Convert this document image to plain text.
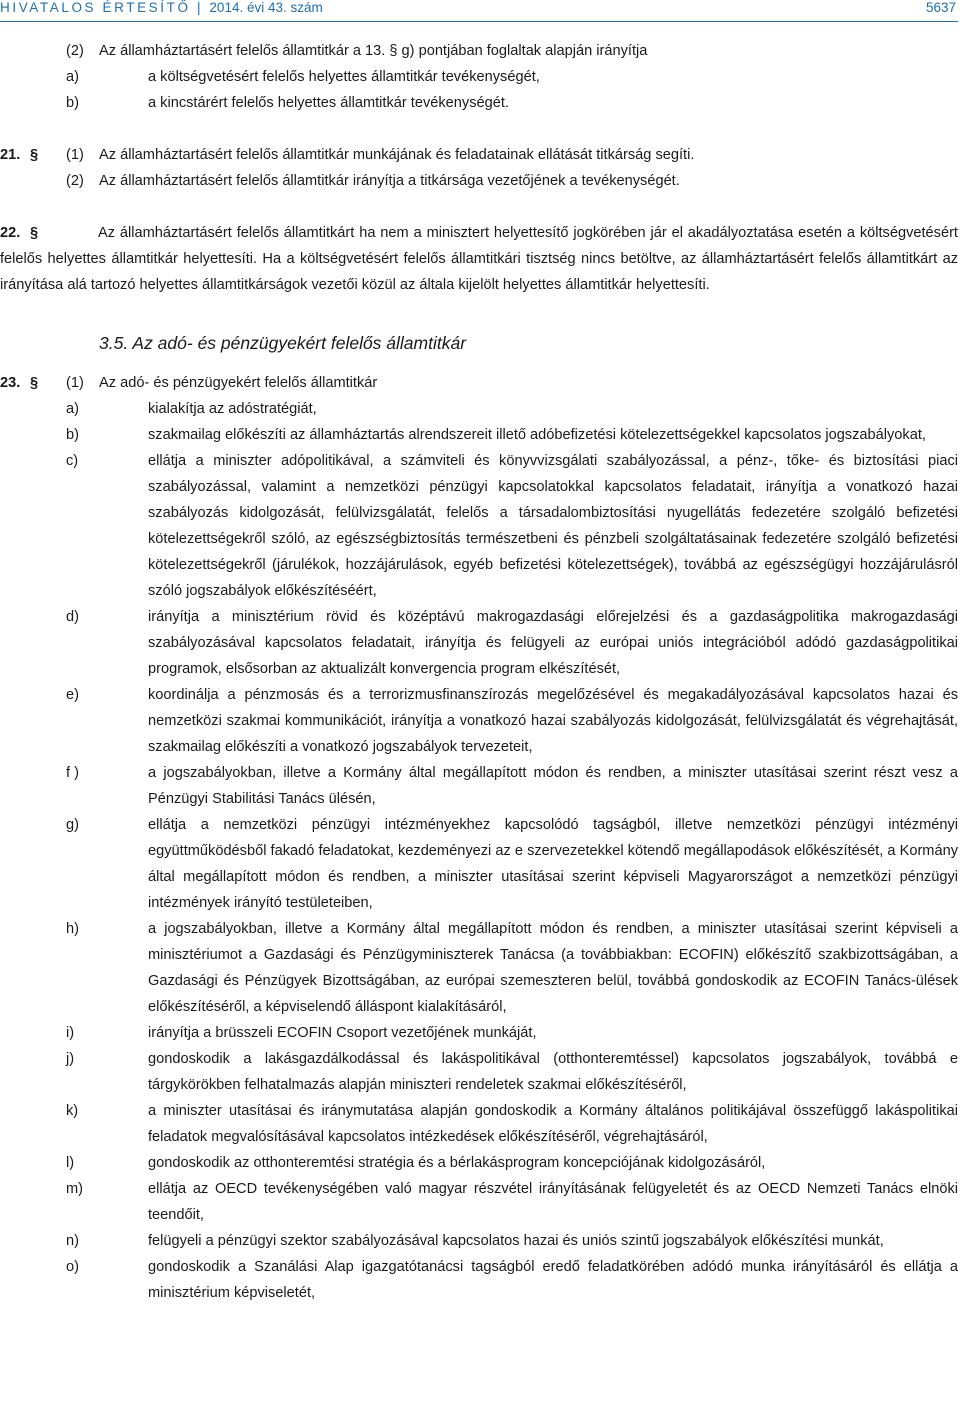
HIVATALOS ÉRTESÍTŐ | 2014. évi 43. szám	5637
(2) Az államháztartásért felelős államtitkár a 13. § g) pontjában foglaltak alapján irányítja
a)	a költségvetésért felelős helyettes államtitkár tevékenységét,
b)	a kincstárért felelős helyettes államtitkár tevékenységét.
21. § (1) Az államháztartásért felelős államtitkár munkájának és feladatainak ellátását titkárság segíti.
(2) Az államháztartásért felelős államtitkár irányítja a titkársága vezetőjének a tevékenységét.
22. §	Az államháztartásért felelős államtitkárt ha nem a minisztert helyettesítő jogkörében jár el akadályoztatása esetén a költségvetésért felelős helyettes államtitkár helyettesíti. Ha a költségvetésért felelős államtitkári tisztség nincs betöltve, az államháztartásért felelős államtitkárt az irányítása alá tartozó helyettes államtitkárságok vezetői közül az általa kijelölt helyettes államtitkár helyettesíti.
3.5. Az adó- és pénzügyekért felelős államtitkár
23. § (1) Az adó- és pénzügyekért felelős államtitkár
a)	kialakítja az adóstratégiát,
b)	szakmailag előkészíti az államháztartás alrendszereit illető adóbefizetési kötelezettségekkel kapcsolatos jogszabályokat,
c)	ellátja a miniszter adópolitikával, a számviteli és könyvvizsgálati szabályozással, a pénz-, tőke- és biztosítási piaci szabályozással, valamint a nemzetközi pénzügyi kapcsolatokkal kapcsolatos feladatait, irányítja a vonatkozó hazai szabályozás kidolgozását, felülvizsgálatát, felelős a társadalombiztosítási nyugellátás fedezetére szolgáló befizetési kötelezettségekről szóló, az egészségbiztosítás természetbeni és pénzbeli szolgáltatásainak fedezetére szolgáló befizetési kötelezettségekről (járulékok, hozzájárulások, egyéb befizetési kötelezettségek), továbbá az egészségügyi hozzájárulásról szóló jogszabályok előkészítéséért,
d)	irányítja a minisztérium rövid és középtávú makrogazdasági előrejelzési és a gazdaságpolitika makrogazdasági szabályozásával kapcsolatos feladatait, irányítja és felügyeli az európai uniós integrációból adódó gazdaságpolitikai programok, elsősorban az aktualizált konvergencia program elkészítését,
e)	koordinálja a pénzmosás és a terrorizmusfinanszírozás megelőzésével és megakadályozásával kapcsolatos hazai és nemzetközi szakmai kommunikációt, irányítja a vonatkozó hazai szabályozás kidolgozását, felülvizsgálatát és végrehajtását, szakmailag előkészíti a vonatkozó jogszabályok tervezeteit,
f )	a jogszabályokban, illetve a Kormány által megállapított módon és rendben, a miniszter utasításai szerint részt vesz a Pénzügyi Stabilitási Tanács ülésén,
g)	ellátja a nemzetközi pénzügyi intézményekhez kapcsolódó tagságból, illetve nemzetközi pénzügyi intézményi együttműködésből fakadó feladatokat, kezdeményezi az e szervezetekkel kötendő megállapodások előkészítését, a Kormány által megállapított módon és rendben, a miniszter utasításai szerint képviseli Magyarországot a nemzetközi pénzügyi intézmények irányító testületeiben,
h)	a jogszabályokban, illetve a Kormány által megállapított módon és rendben, a miniszter utasításai szerint képviseli a minisztériumot a Gazdasági és Pénzügyminiszterek Tanácsa (a továbbiakban: ECOFIN) előkészítő szakbizottságában, a Gazdasági és Pénzügyek Bizottságában, az európai szemeszteren belül, továbbá gondoskodik az ECOFIN Tanács-ülések előkészítéséről, a képviselendő álláspont kialakításáról,
i)	irányítja a brüsszeli ECOFIN Csoport vezetőjének munkáját,
j)	gondoskodik a lakásgazdálkodással és lakáspolitikával (otthonteremtéssel) kapcsolatos jogszabályok, továbbá e tárgykörökben felhatalmazás alapján miniszteri rendeletek szakmai előkészítéséről,
k)	a miniszter utasításai és iránymutatása alapján gondoskodik a Kormány általános politikájával összefüggő lakáspolitikai feladatok megvalósításával kapcsolatos intézkedések előkészítéséről, végrehajtásáról,
l)	gondoskodik az otthonteremtési stratégia és a bérlakásprogram koncepciójának kidolgozásáról,
m)	ellátja az OECD tevékenységében való magyar részvétel irányításának felügyeletét és az OECD Nemzeti Tanács elnöki teendőit,
n)	felügyeli a pénzügyi szektor szabályozásával kapcsolatos hazai és uniós szintű jogszabályok előkészítési munkát,
o)	gondoskodik a Szanálási Alap igazgatótanácsi tagságból eredő feladatkörében adódó munka irányításáról és ellátja a minisztérium képviseletét,
